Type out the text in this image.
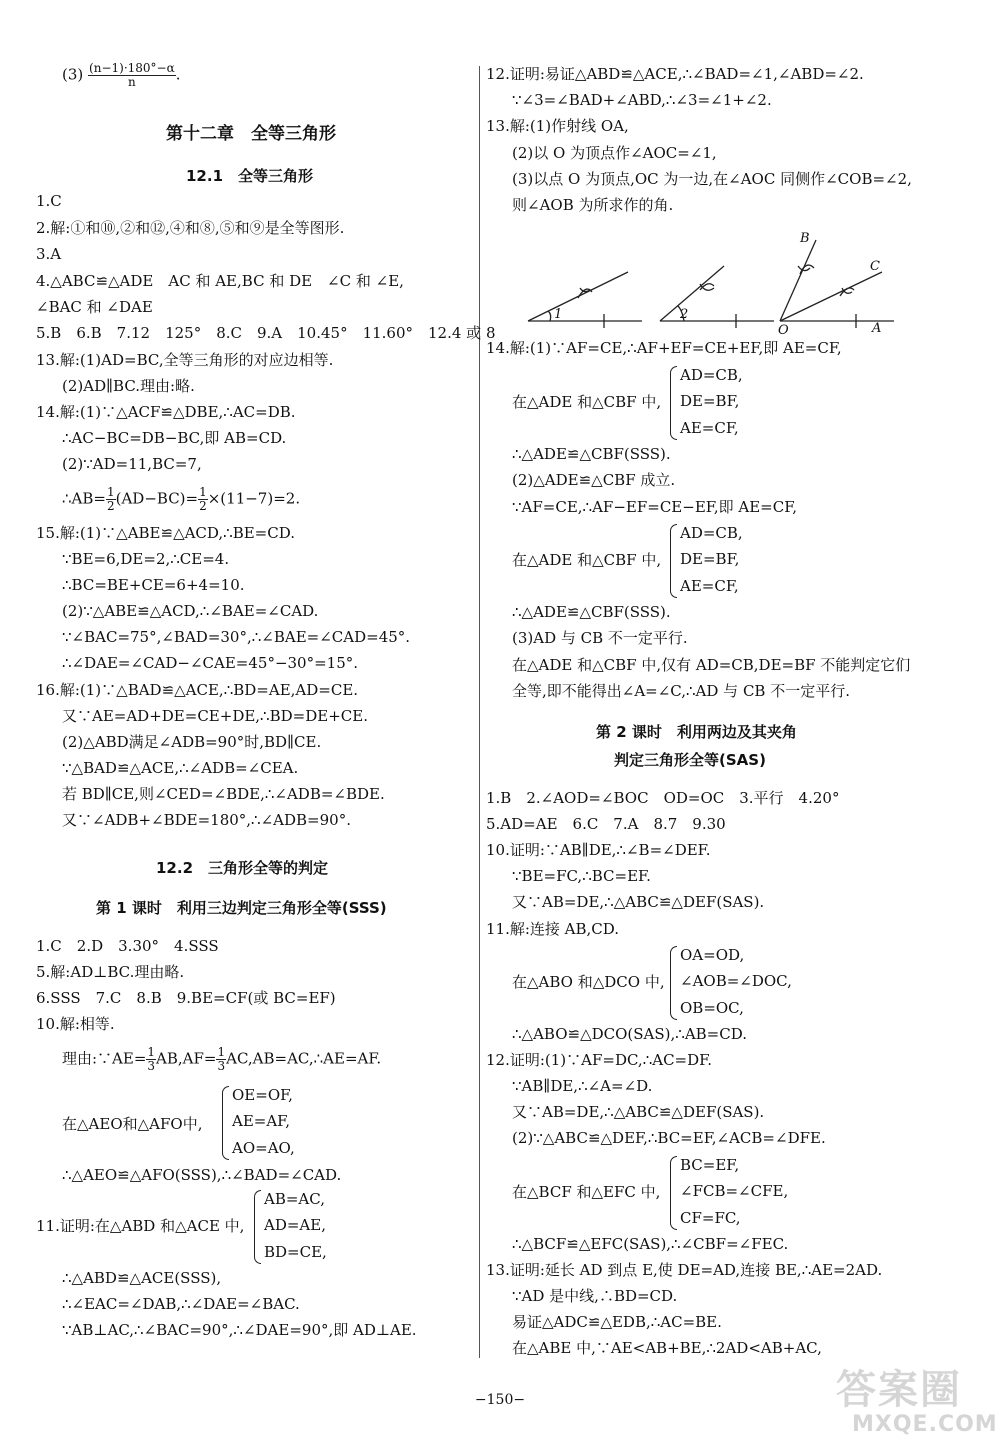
$(3) \frac{(n-1)\cdot 180^\circ-\alpha}{n}$ .
第十二章　全等三角形
12.1　全等三角形
1.C
2.解:①和⑩,②和⑫,④和⑧,⑤和⑨是全等图形.
3.A
4.△ABC≌△ADE　AC 和 AE,BC 和 DE　∠C 和 ∠E,
∠BAC 和 ∠DAE
5.B　6.B　7.12　125°　8.C　9.A　10.45°　11.60°　12.4 或 8
13.解:(1)AD=BC,全等三角形的对应边相等.
(2)AD∥BC.理由:略.
14.解:(1)∵△ACF≌△DBE,∴AC=DB.
∴AC−BC=DB−BC,即 AB=CD.
(2)∵AD=11,BC=7,
∴AB= $\frac{1}{2} (AD-BC)= \frac{1}{2} \times(11-7)=2$.
15.解:(1)∵△ABE≌△ACD,∴BE=CD.
∵BE=6,DE=2,∴CE=4.
∴BC=BE+CE=6+4=10.
(2)∵△ABE≌△ACD,∴∠BAE=∠CAD.
∵∠BAC=75°,∠BAD=30°,∴∠BAE=∠CAD=45°.
∴∠DAE=∠CAD−∠CAE=45°−30°=15°.
16.解:(1)∵△BAD≌△ACE,∴BD=AE,AD=CE.
又∵AE=AD+DE=CE+DE,∴BD=DE+CE.
(2)△ABD满足∠ADB=90°时,BD∥CE.
∵△BAD≌△ACE,∴∠ADB=∠CEA.
若 BD∥CE,则∠CED=∠BDE,∴∠ADB=∠BDE.
又∵∠ADB+∠BDE=180°,∴∠ADB=90°.
12.2　三角形全等的判定
第 1 课时　利用三边判定三角形全等(SSS)
1.C　2.D　3.30°　4.SSS
5.解:AD⊥BC.理由略.
6.SSS　7.C　8.B　9.BE=CF(或 BC=EF)
10.解:相等.
理由:∵AE= $\frac{1}{3} AB,AF= \frac{1}{3}$ AC,AB=AC,∴AE=AF.
在△AEO和△AFO中,
OE=OF,
AE=AF,
AO=AO,
∴△AEO≌△AFO(SSS),∴∠BAD=∠CAD.
11.证明:在△ABD 和△ACE 中,
AB=AC,
AD=AE,
BD=CE,
∴△ABD≌△ACE(SSS),
∴∠EAC=∠DAB,∴∠DAE=∠BAC.
∵AB⊥AC,∴∠BAC=90°,∴∠DAE=90°,即 AD⊥AE.
12.证明:易证△ABD≌△ACE,∴∠BAD=∠1,∠ABD=∠2.
∵∠3=∠BAD+∠ABD,∴∠3=∠1+∠2.
13.解:(1)作射线 OA,
(2)以 O 为顶点作∠AOC=∠1,
(3)以点 O 为顶点,OC 为一边,在∠AOC 同侧作∠COB=∠2,
则∠AOB 为所求作的角.
1	2
B
C
O	A
14.解:(1)∵AF=CE,∴AF+EF=CE+EF,即 AE=CF,
在△ADE 和△CBF 中,
AD=CB,
DE=BF,
AE=CF,
∴△ADE≌△CBF(SSS).
(2)△ADE≌△CBF 成立.
∵AF=CE,∴AF−EF=CE−EF,即 AE=CF,
在△ADE 和△CBF 中,
AD=CB,
DE=BF,
AE=CF,
∴△ADE≌△CBF(SSS).
(3)AD 与 CB 不一定平行.
在△ADE 和△CBF 中,仅有 AD=CB,DE=BF 不能判定它们
全等,即不能得出∠A=∠C,∴AD 与 CB 不一定平行.
第 2 课时　利用两边及其夹角
判定三角形全等(SAS)
1.B　2.∠AOD=∠BOC　OD=OC　3.平行　4.20°
5.AD=AE　6.C　7.A　8.7　9.30
10.证明:∵AB∥DE,∴∠B=∠DEF.
∵BE=FC,∴BC=EF.
又∵AB=DE,∴△ABC≌△DEF(SAS).
11.解:连接 AB,CD.
在△ABO 和△DCO 中,
OA=OD,
∠AOB=∠DOC,
OB=OC,
∴△ABO≌△DCO(SAS),∴AB=CD.
12.证明:(1)∵AF=DC,∴AC=DF.
∵AB∥DE,∴∠A=∠D.
又∵AB=DE,∴△ABC≌△DEF(SAS).
(2)∵△ABC≌△DEF,∴BC=EF,∠ACB=∠DFE.
在△BCF 和△EFC 中,
BC=EF,
∠FCB=∠CFE,
CF=FC,
∴△BCF≌△EFC(SAS),∴∠CBF=∠FEC.
13.证明:延长 AD 到点 E,使 DE=AD,连接 BE,∴AE=2AD.
∵AD 是中线,∴BD=CD.
易证△ADC≌△EDB,∴AC=BE.
在△ABE 中,∵AE<AB+BE,∴2AD<AB+AC,
−150−	答案圈
MXQE.COM
